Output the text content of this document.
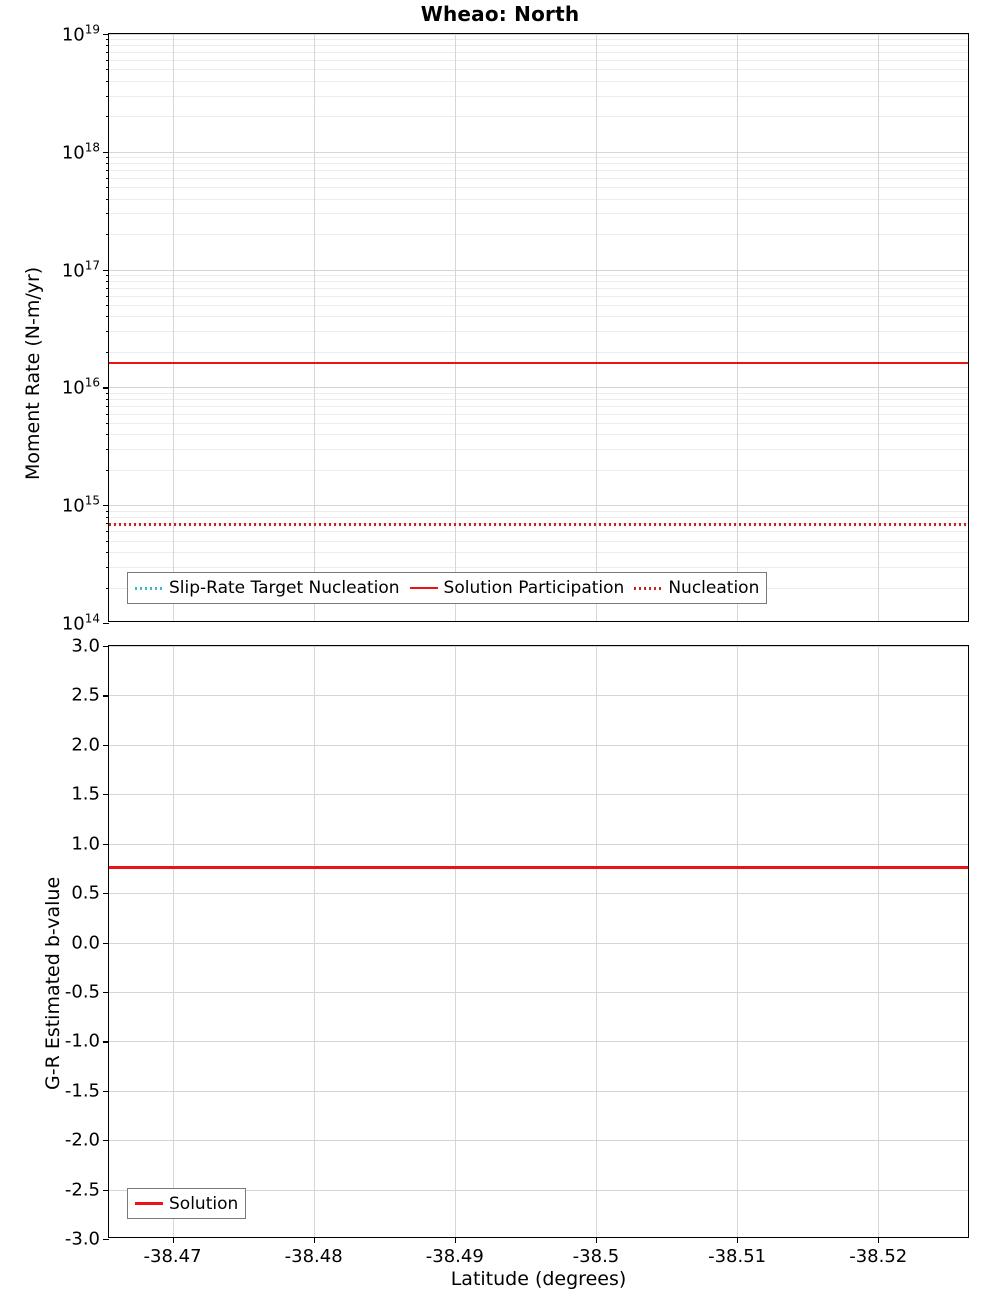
Wheao: North
$10^{19}$
$10^{18}$
$10^{17}$
$10^{16}$
$10^{15}$
$10^{14}$
Moment Rate (N-m/yr)
Slip-Rate Target Nucleation	Solution Participation	Nucleation
-3.0
-2.5
-2.0
-1.5
-1.0
-0.5
0.0
0.5
1.0
1.5
2.0
2.5
3.0
-38.47	-38.48	-38.49	-38.5	-38.51	-38.52
G-R Estimated b-value
Solution
Latitude (degrees)
